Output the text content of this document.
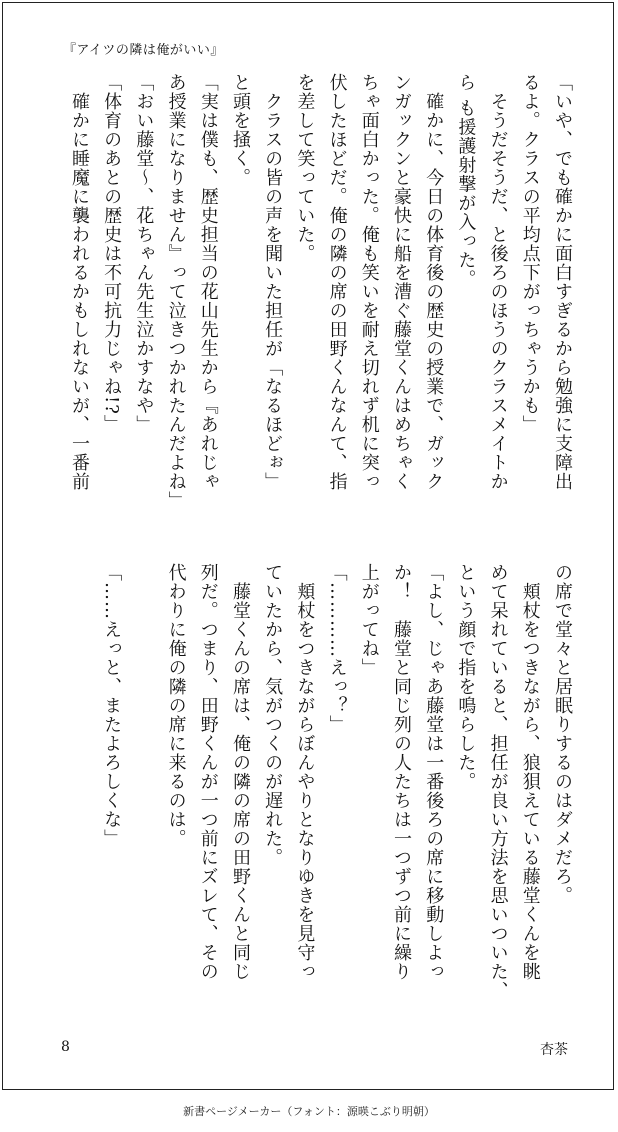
『アイツの隣は俺がいい』
「いや、でも確かに面白すぎるから勉強に支障出
るよ。クラスの平均点下がっちゃうかも」
　そうだそうだ、と後ろのほうのクラスメイトか
ら も援護射撃が入った。
　確かに、今日の体育後の歴史の授業で、ガック
ンガックンと豪快に船を漕ぐ藤堂くんはめちゃく
ちゃ面白かった。俺も笑いを耐え切れず机に突っ
伏したほどだ。俺の隣の席の田野くんなんて、指
を差して笑っていた。
　クラスの皆の声を聞いた担任が「なるほどぉ」
と頭を掻く。
「実は僕も、歴史担当の花山先生から『あれじゃ
あ授業になりません』って泣きつかれたんだよね」
「おい藤堂〜、花ちゃん先生泣かすなや」
「体育のあとの歴史は不可抗力じゃね!?」
　確かに睡魔に襲われるかもしれないが、一番前
の席で堂々と居眠りするのはダメだろ。
　頬杖をつきながら、狼狽えている藤堂くんを眺
めて呆れていると、担任が良い方法を思いついた、
という顔で指を鳴らした。
「よし、じゃあ藤堂は一番後ろの席に移動しよっ
か！　藤堂と同じ列の人たちは一つずつ前に繰り
上がってね」
「…………えっ？」
　頬杖をつきながらぼんやりとなりゆきを見守っ
ていたから、気がつくのが遅れた。
　藤堂くんの席は、俺の隣の席の田野くんと同じ
列だ。つまり、田野くんが一つ前にズレて、その
代わりに俺の隣の席に来るのは。

「……えっと、またよろしくな」
8	杏茶
新書ページメーカー（フォント：源暎こぶり明朝）
